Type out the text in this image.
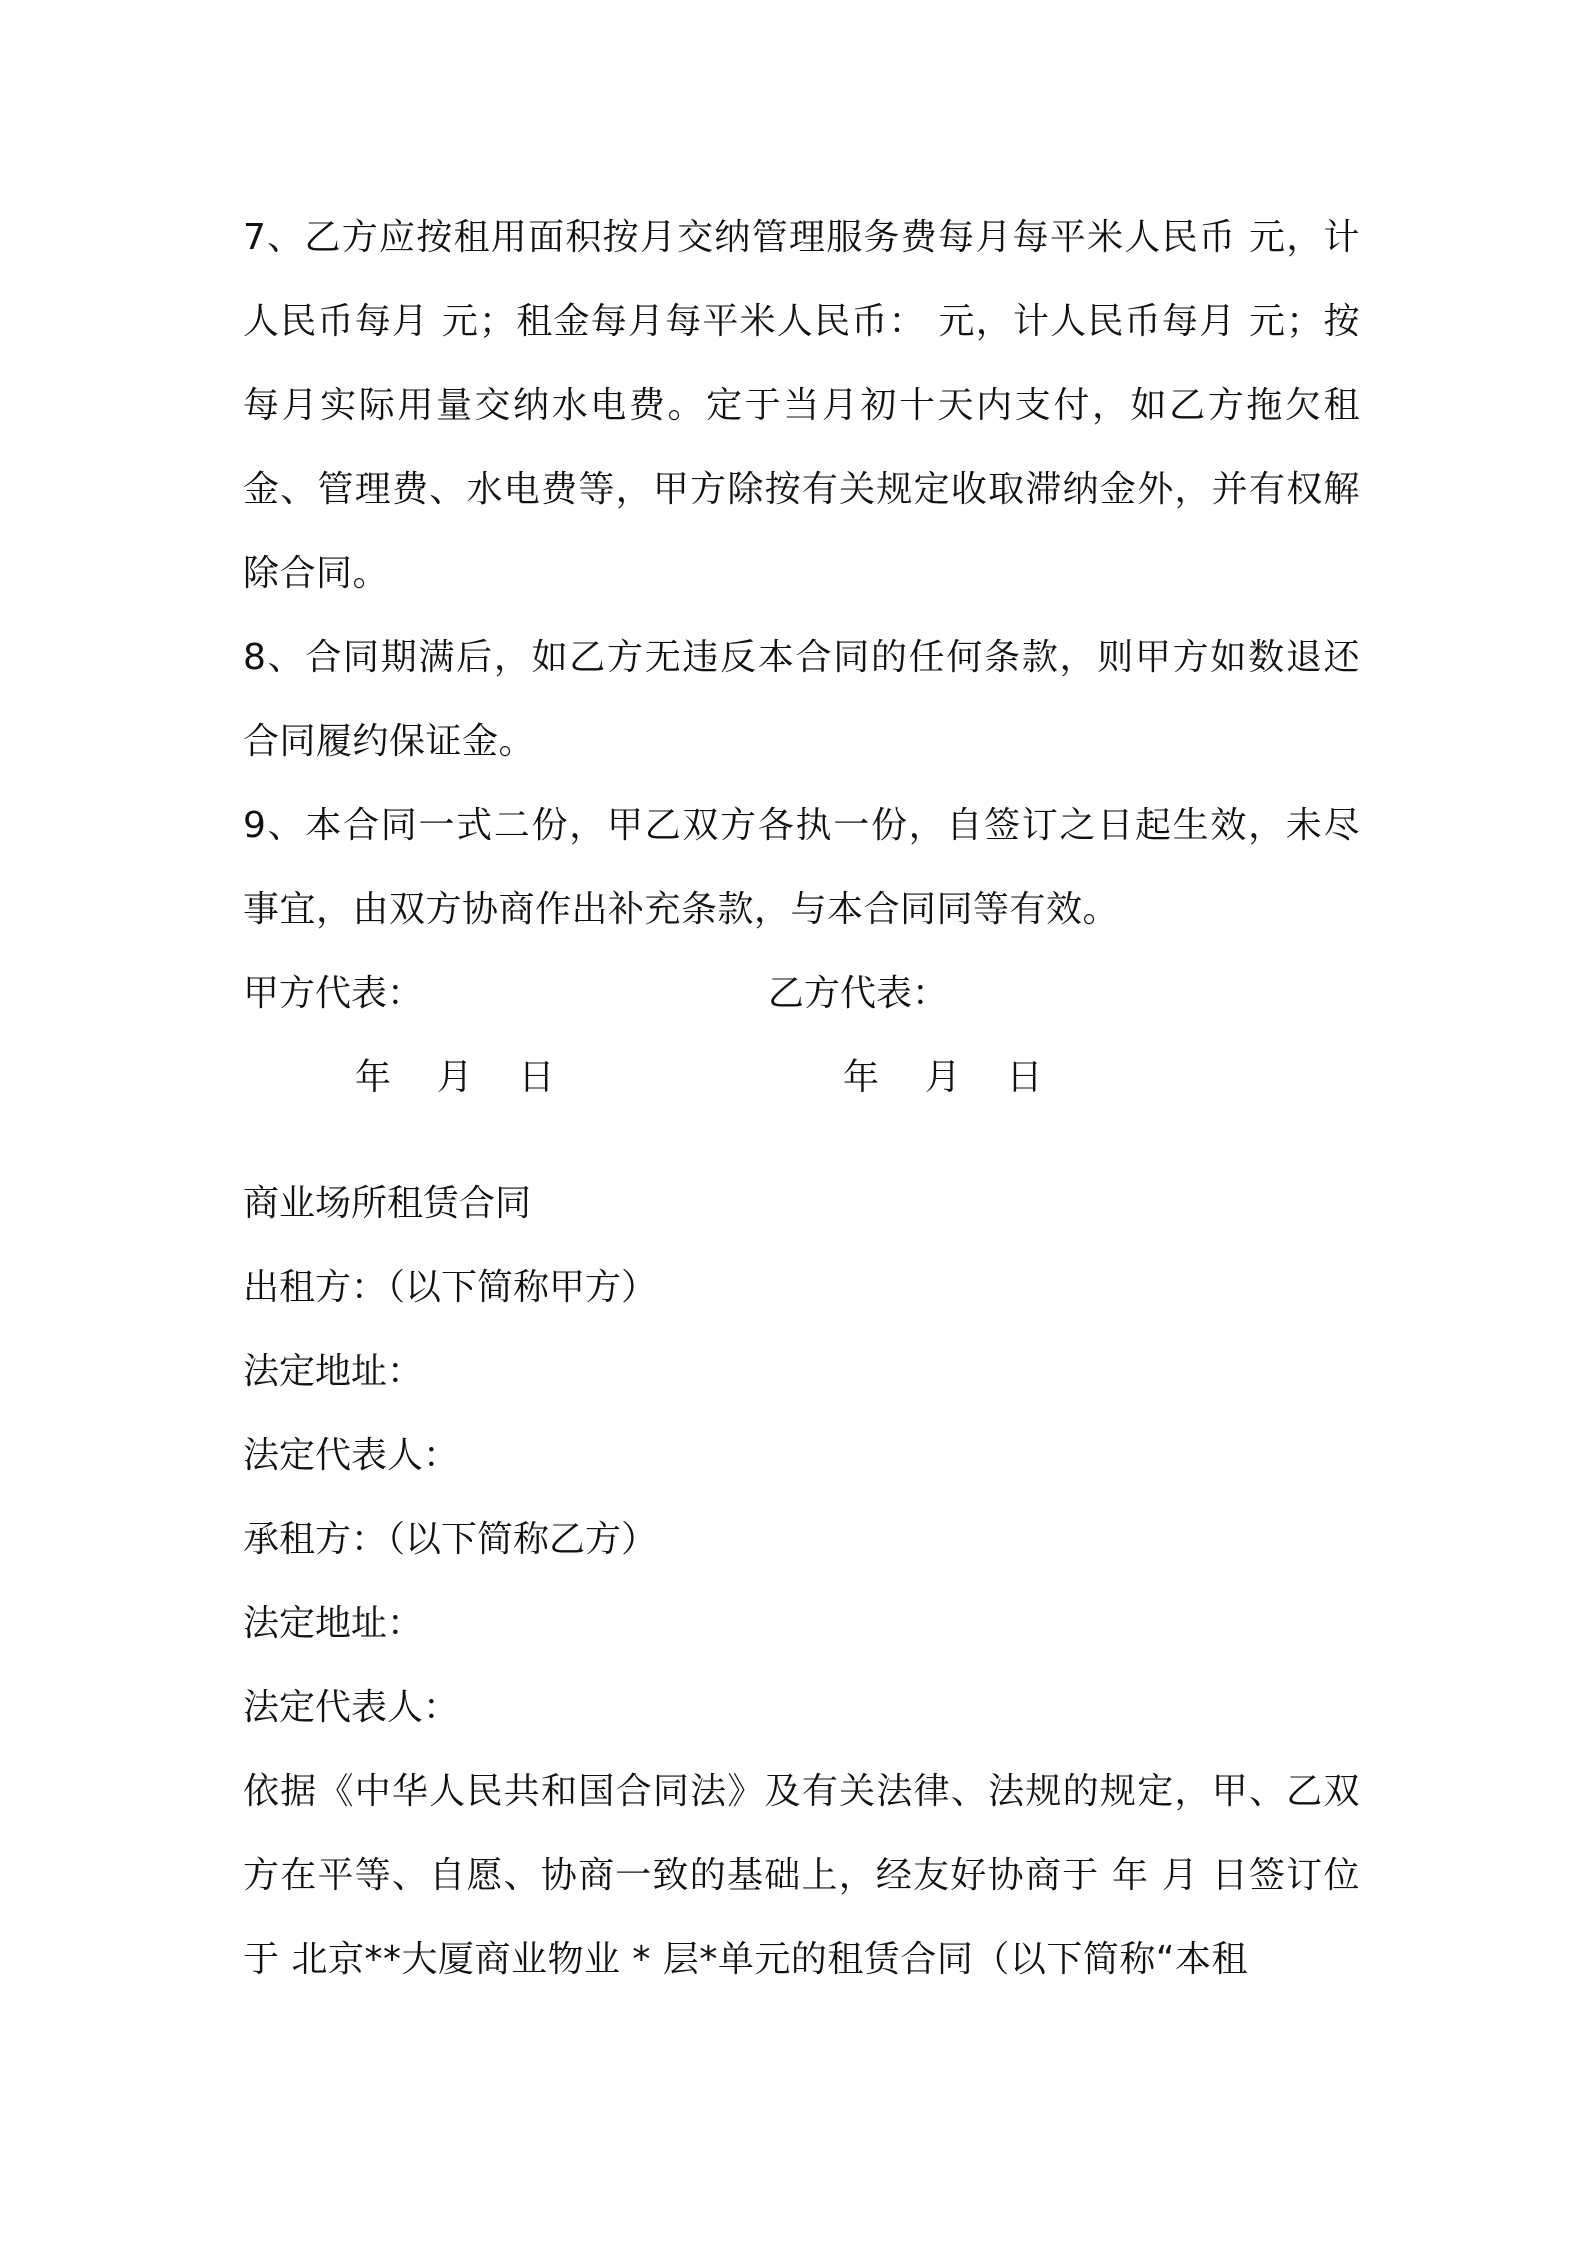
7、乙方应按租用面积按月交纳管理服务费每月每平米人民币 元，计人民币每月 元；租金每月每平米人民币： 元，计人民币每月 元；按每月实际用量交纳水电费。定于当月初十天内支付，如乙方拖欠租金、管理费、水电费等，甲方除按有关规定收取滞纳金外，并有权解除合同。

8、合同期满后，如乙方无违反本合同的任何条款，则甲方如数退还合同履约保证金。

9、本合同一式二份，甲乙双方各执一份，自签订之日起生效，未尽事宜，由双方协商作出补充条款，与本合同同等有效。

甲方代表：	乙方代表：
年    月    日	年    月    日

商业场所租赁合同

出租方：（以下简称甲方）

法定地址：

法定代表人：

承租方：（以下简称乙方）

法定地址：

法定代表人：

依据《中华人民共和国合同法》及有关法律、法规的规定，甲、乙双方在平等、自愿、协商一致的基础上，经友好协商于 年 月 日签订位于 北京**大厦商业物业 * 层*单元的租赁合同（以下简称“本租
